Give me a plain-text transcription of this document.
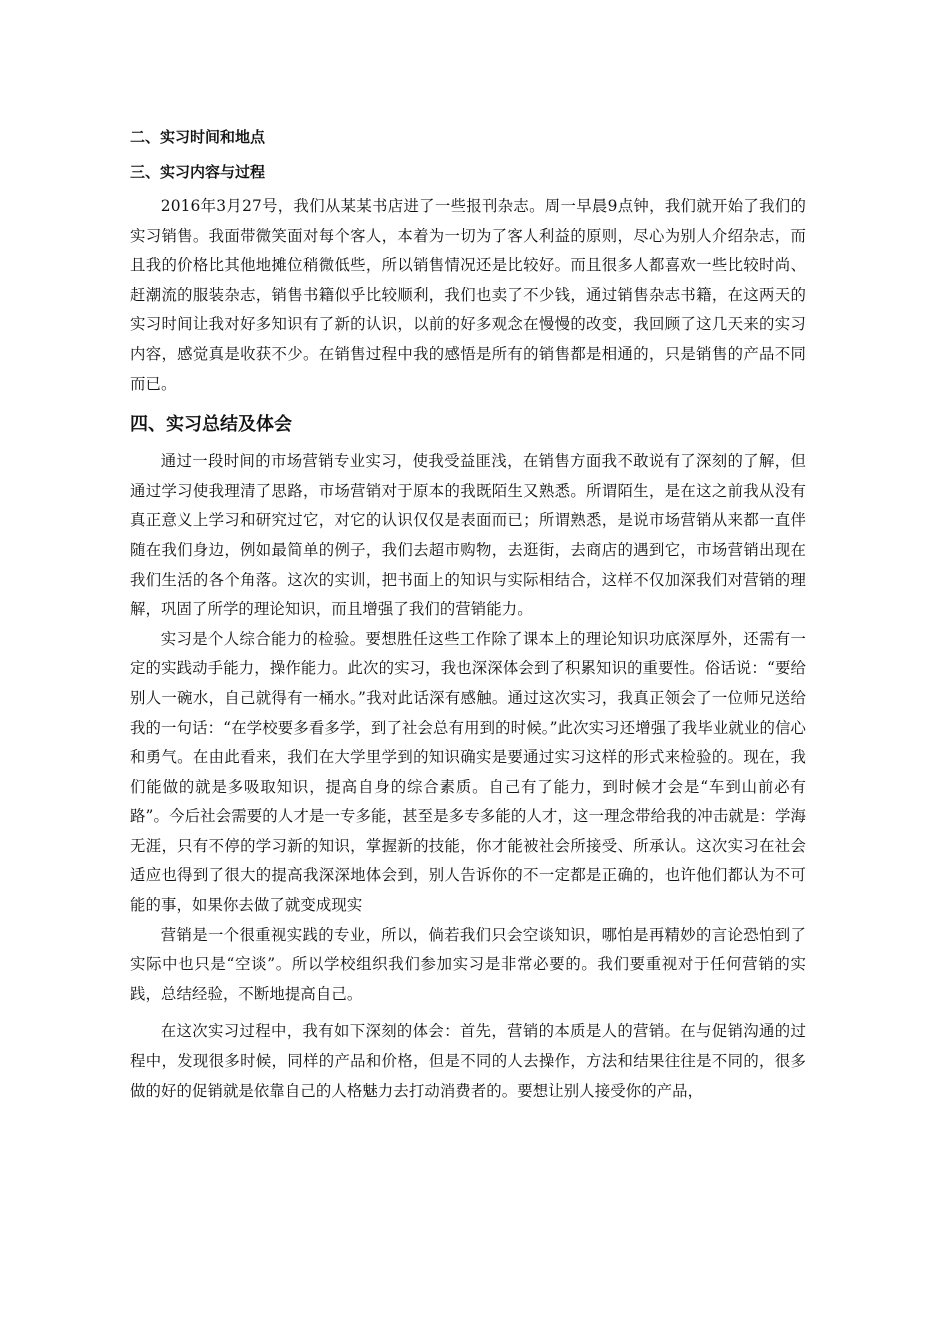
二、实习时间和地点
三、实习内容与过程

2016年3月27号，我们从某某书店进了一些报刊杂志。周一早晨9点钟，我们就开始了我们的实习销售。我面带微笑面对每个客人，本着为一切为了客人利益的原则，尽心为别人介绍杂志，而且我的价格比其他地摊位稍微低些，所以销售情况还是比较好。而且很多人都喜欢一些比较时尚、赶潮流的服装杂志，销售书籍似乎比较顺利，我们也卖了不少钱，通过销售杂志书籍，在这两天的实习时间让我对好多知识有了新的认识，以前的好多观念在慢慢的改变，我回顾了这几天来的实习内容，感觉真是收获不少。在销售过程中我的感悟是所有的销售都是相通的，只是销售的产品不同而已。

四、实习总结及体会

通过一段时间的市场营销专业实习，使我受益匪浅，在销售方面我不敢说有了深刻的了解，但通过学习使我理清了思路，市场营销对于原本的我既陌生又熟悉。所谓陌生，是在这之前我从没有真正意义上学习和研究过它，对它的认识仅仅是表面而已；所谓熟悉，是说市场营销从来都一直伴随在我们身边，例如最简单的例子，我们去超市购物，去逛街，去商店的遇到它，市场营销出现在我们生活的各个角落。这次的实训，把书面上的知识与实际相结合，这样不仅加深我们对营销的理解，巩固了所学的理论知识，而且增强了我们的营销能力。

实习是个人综合能力的检验。要想胜任这些工作除了课本上的理论知识功底深厚外，还需有一定的实践动手能力，操作能力。此次的实习，我也深深体会到了积累知识的重要性。俗话说：“要给别人一碗水，自己就得有一桶水。”我对此话深有感触。通过这次实习，我真正领会了一位师兄送给我的一句话：“在学校要多看多学，到了社会总有用到的时候。”此次实习还增强了我毕业就业的信心和勇气。在由此看来，我们在大学里学到的知识确实是要通过实习这样的形式来检验的。现在，我们能做的就是多吸取知识，提高自身的综合素质。自己有了能力，到时候才会是“车到山前必有路”。今后社会需要的人才是一专多能，甚至是多专多能的人才，这一理念带给我的冲击就是：学海无涯，只有不停的学习新的知识，掌握新的技能，你才能被社会所接受、所承认。这次实习在社会适应也得到了很大的提高我深深地体会到，别人告诉你的不一定都是正确的，也许他们都认为不可能的事，如果你去做了就变成现实

营销是一个很重视实践的专业，所以，倘若我们只会空谈知识，哪怕是再精妙的言论恐怕到了实际中也只是“空谈”。所以学校组织我们参加实习是非常必要的。我们要重视对于任何营销的实践，总结经验，不断地提高自己。

在这次实习过程中，我有如下深刻的体会：首先，营销的本质是人的营销。在与促销沟通的过程中，发现很多时候，同样的产品和价格，但是不同的人去操作，方法和结果往往是不同的，很多做的好的促销就是依靠自己的人格魅力去打动消费者的。要想让别人接受你的产品，
